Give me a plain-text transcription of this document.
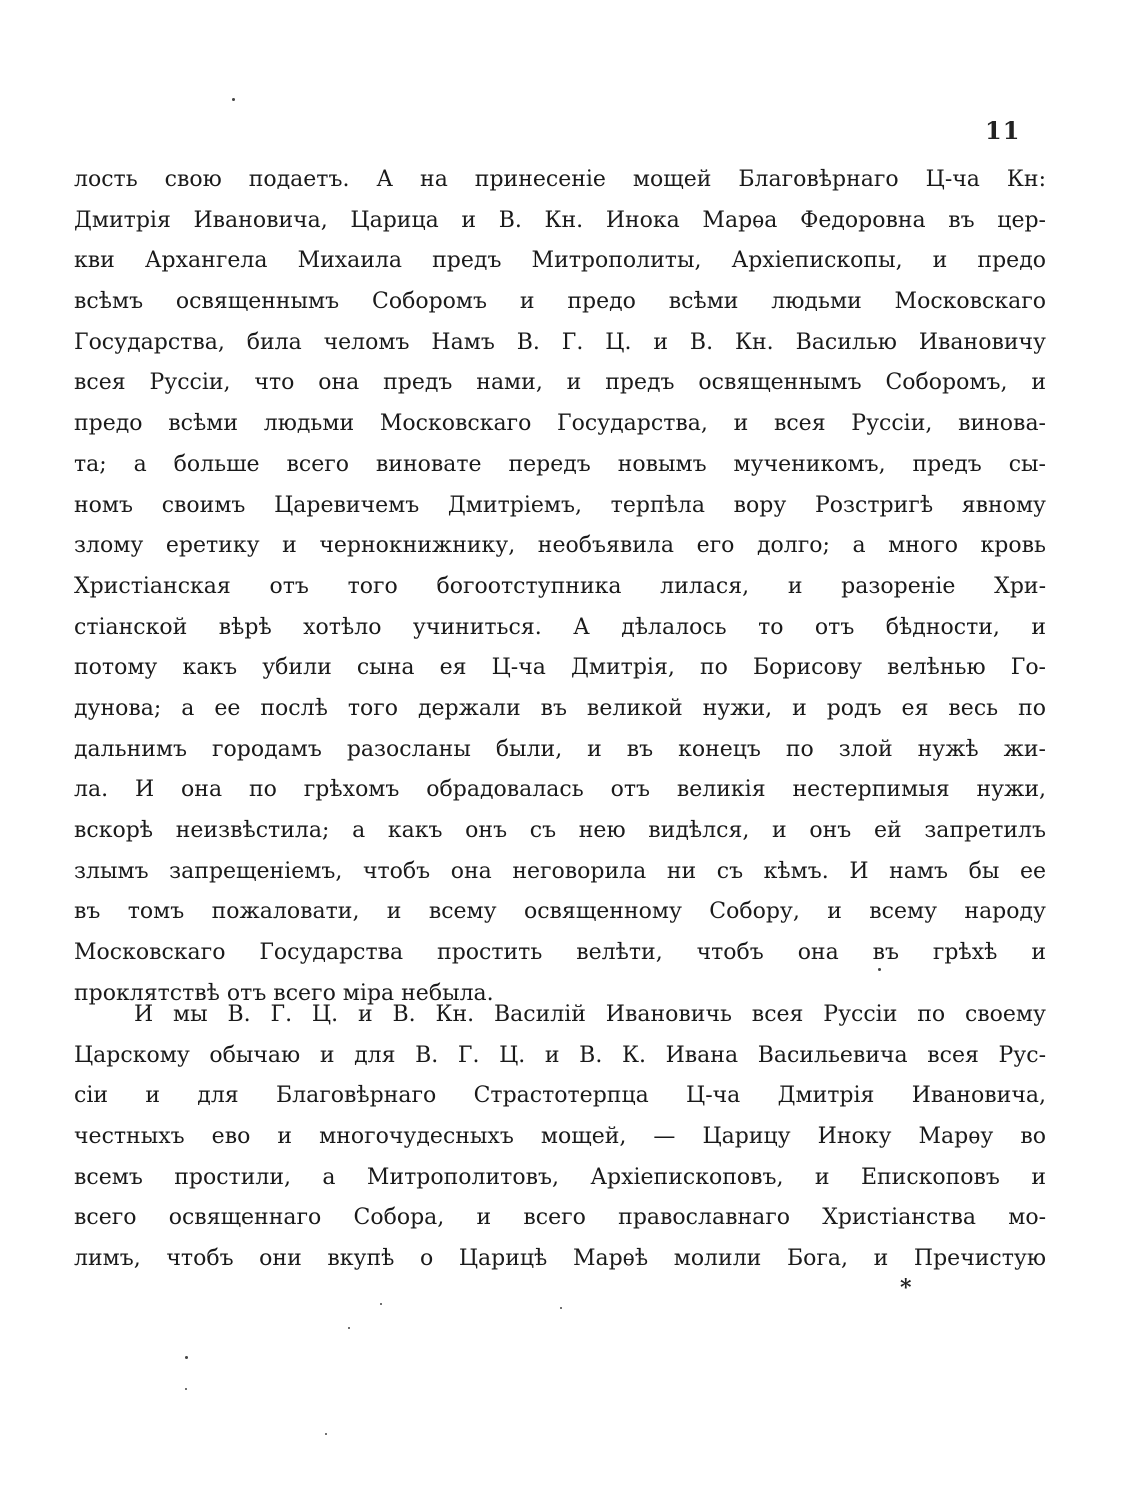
11
лость свою подаетъ. А на принесеніе мощей Благовѣрнаго Ц-ча Кн:
Дмитрія Ивановича, Царица и В. Кн. Инока Марѳа Федоровна въ цер-
кви Архангела Михаила предъ Митрополиты, Архіепископы, и предо
всѣмъ освященнымъ Соборомъ и предо всѣми людьми Московскаго
Государства, била челомъ Намъ В. Г. Ц. и В. Кн. Василью Ивановичу
всея Руссіи, что она предъ нами, и предъ освященнымъ Соборомъ, и
предо всѣми людьми Московскаго Государства, и всея Руссіи, винова-
та; а больше всего виновате передъ новымъ мученикомъ, предъ сы-
номъ своимъ Царевичемъ Дмитріемъ, терпѣла вору Розстригѣ явному
злому еретику и чернокнижнику, необъявила его долго; а много кровь
Христіанская отъ того богоотступника лилася, и разореніе Хри-
стіанской вѣрѣ хотѣло учиниться. А дѣлалось то отъ бѣдности, и
потому какъ убили сына ея Ц-ча Дмитрія, по Борисову велѣнью Го-
дунова; а ее послѣ того держали въ великой нужи, и родъ ея весь по
дальнимъ городамъ разосланы были, и въ конецъ по злой нужѣ жи-
ла. И она по грѣхомъ обрадовалась отъ великія нестерпимыя нужи,
вскорѣ неизвѣстила; а какъ онъ съ нею видѣлся, и онъ ей запретилъ
злымъ запрещеніемъ, чтобъ она неговорила ни съ кѣмъ. И намъ бы ее
въ томъ пожаловати, и всему освященному Собору, и всему народу
Московскаго Государства простить велѣти, чтобъ она въ грѣхѣ и
проклятствѣ отъ всего міра небыла.
И мы В. Г. Ц. и В. Кн. Василій Ивановичь всея Руссіи по своему
Царскому обычаю и для В. Г. Ц. и В. К. Ивана Васильевича всея Рус-
сіи и для Благовѣрнаго Страстотерпца Ц-ча Дмитрія Ивановича,
честныхъ ево и многочудесныхъ мощей, — Царицу Иноку Марѳу во
всемъ простили, а Митрополитовъ, Архіепископовъ, и Епископовъ и
всего освященнаго Собора, и всего православнаго Христіанства мо-
лимъ, чтобъ они вкупѣ о Царицѣ Марѳѣ молили Бога, и Пречистую
*
